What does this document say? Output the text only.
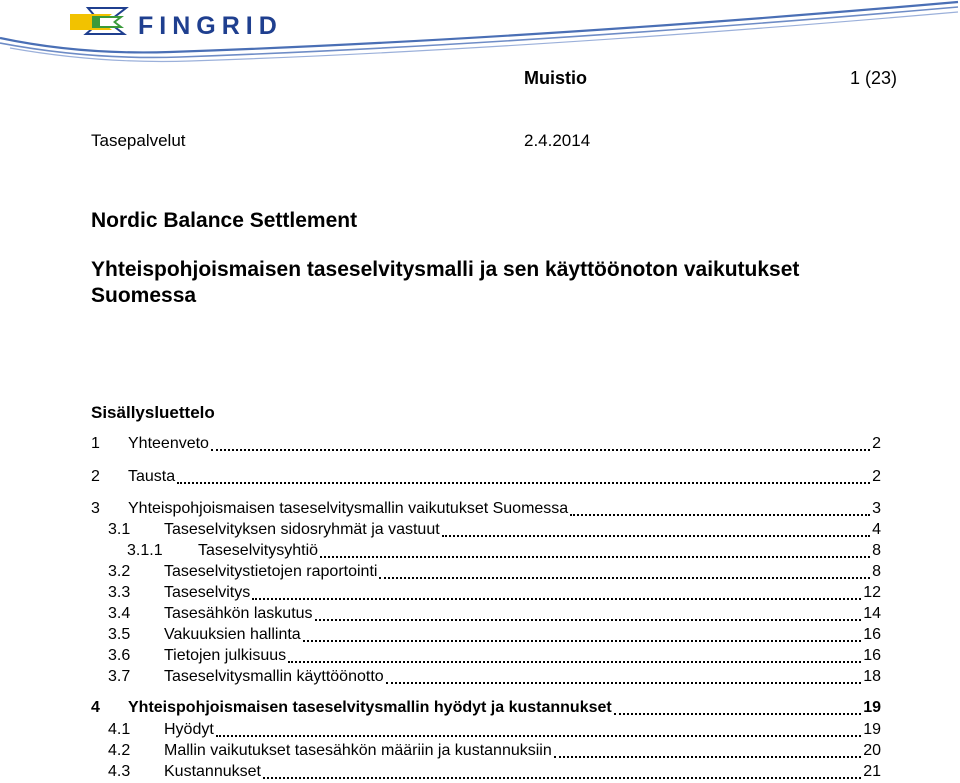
FINGRID
Muistio	1 (23)
Tasepalvelut	2.4.2014
Nordic Balance Settlement
Yhteispohjoismaisen taseselvitysmalli ja sen käyttöönoton vaikutukset Suomessa
Sisällysluettelo
1	Yhteenveto	2
2	Tausta	2
3	Yhteispohjoismaisen taseselvitysmallin vaikutukset Suomessa	3
3.1	Taseselvityksen sidosryhmät ja vastuut	4
3.1.1	Taseselvitysyhtiö	8
3.2	Taseselvitystietojen raportointi	8
3.3	Taseselvitys	12
3.4	Tasesähkön laskutus	14
3.5	Vakuuksien hallinta	16
3.6	Tietojen julkisuus	16
3.7	Taseselvitysmallin käyttöönotto	18
4	Yhteispohjoismaisen taseselvitysmallin hyödyt ja kustannukset	19
4.1	Hyödyt	19
4.2	Mallin vaikutukset tasesähkön määriin ja kustannuksiin	20
4.3	Kustannukset	21
